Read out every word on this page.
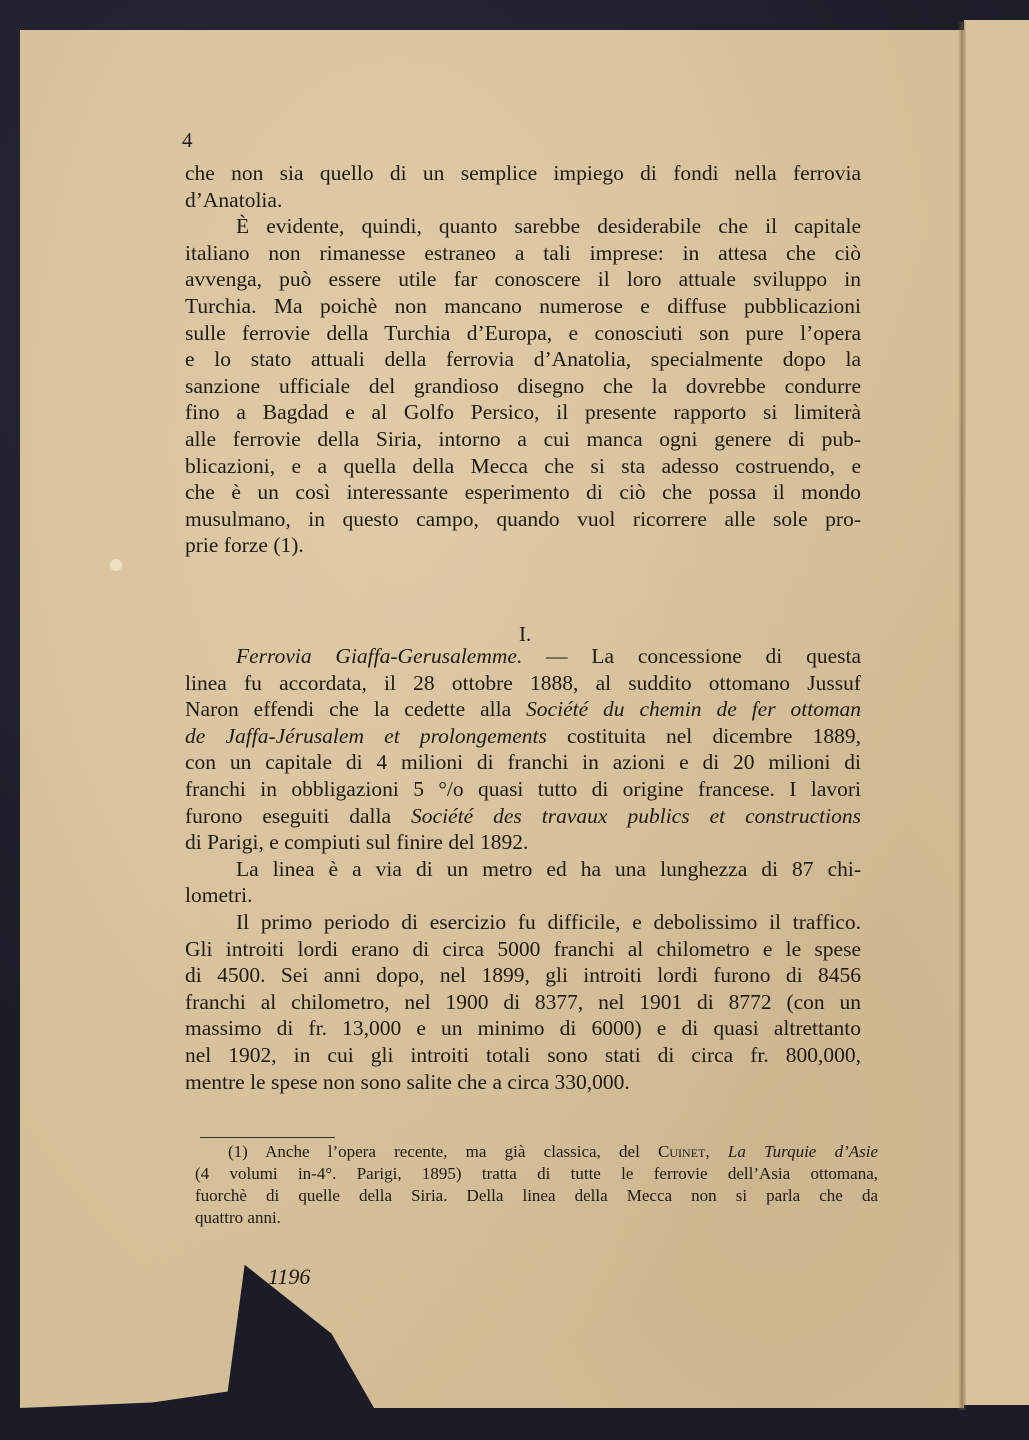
4
che non sia quello di un semplice impiego di fondi nella ferrovia
d’Anatolia.
È evidente, quindi, quanto sarebbe desiderabile che il capitale
italiano non rimanesse estraneo a tali imprese: in attesa che ciò
avvenga, può essere utile far conoscere il loro attuale sviluppo in
Turchia. Ma poichè non mancano numerose e diffuse pubblicazioni
sulle ferrovie della Turchia d’Europa, e conosciuti son pure l’opera
e lo stato attuali della ferrovia d’Anatolia, specialmente dopo la
sanzione ufficiale del grandioso disegno che la dovrebbe condurre
fino a Bagdad e al Golfo Persico, il presente rapporto si limiterà
alle ferrovie della Siria, intorno a cui manca ogni genere di pub-
blicazioni, e a quella della Mecca che si sta adesso costruendo, e
che è un così interessante esperimento di ciò che possa il mondo
musulmano, in questo campo, quando vuol ricorrere alle sole pro-
prie forze (1).
I.
Ferrovia Giaffa-Gerusalemme. — La concessione di questa
linea fu accordata, il 28 ottobre 1888, al suddito ottomano Jussuf
Naron effendi che la cedette alla Société du chemin de fer ottoman
de Jaffa-Jérusalem et prolongements costituita nel dicembre 1889,
con un capitale di 4 milioni di franchi in azioni e di 20 milioni di
franchi in obbligazioni 5 °/o quasi tutto di origine francese. I lavori
furono eseguiti dalla Société des travaux publics et constructions
di Parigi, e compiuti sul finire del 1892.
La linea è a via di un metro ed ha una lunghezza di 87 chi-
lometri.
Il primo periodo di esercizio fu difficile, e debolissimo il traffico.
Gli introiti lordi erano di circa 5000 franchi al chilometro e le spese
di 4500. Sei anni dopo, nel 1899, gli introiti lordi furono di 8456
franchi al chilometro, nel 1900 di 8377, nel 1901 di 8772 (con un
massimo di fr. 13,000 e un minimo di 6000) e di quasi altrettanto
nel 1902, in cui gli introiti totali sono stati di circa fr. 800,000,
mentre le spese non sono salite che a circa 330,000.
(1) Anche l’opera recente, ma già classica, del Cuinet, La Turquie d’Asie
(4 volumi in-4°. Parigi, 1895) tratta di tutte le ferrovie dell’Asia ottomana,
fuorchè di quelle della Siria. Della linea della Mecca non si parla che da
quattro anni.
1196
